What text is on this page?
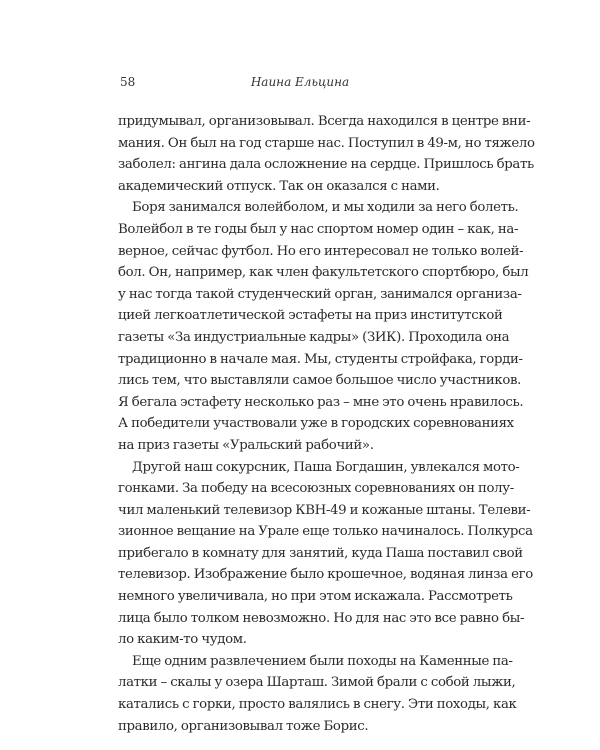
58	Наина Ельцина
придумывал, организовывал. Всегда находился в центре вни-
мания. Он был на год старше нас. Поступил в 49-м, но тяжело
заболел: ангина дала осложнение на сердце. Пришлось брать
академический отпуск. Так он оказался с нами.
Боря занимался волейболом, и мы ходили за него болеть.
Волейбол в те годы был у нас спортом номер один – как, на-
верное, сейчас футбол. Но его интересовал не только волей-
бол. Он, например, как член факультетского спортбюро, был
у нас тогда такой студенческий орган, занимался организа-
цией легкоатлетической эстафеты на приз институтской
газеты «За индустриальные кадры» (ЗИК). Проходила она
традиционно в начале мая. Мы, студенты стройфака, горди-
лись тем, что выставляли самое большое число участников.
Я бегала эстафету несколько раз – мне это очень нравилось.
А победители участвовали уже в городских соревнованиях
на приз газеты «Уральский рабочий».
Другой наш сокурсник, Паша Богдашин, увлекался мото-
гонками. За победу на всесоюзных соревнованиях он полу-
чил маленький телевизор КВН-49 и кожаные штаны. Телеви-
зионное вещание на Урале еще только начиналось. Полкурса
прибегало в комнату для занятий, куда Паша поставил свой
телевизор. Изображение было крошечное, водяная линза его
немного увеличивала, но при этом искажала. Рассмотреть
лица было толком невозможно. Но для нас это все равно бы-
ло каким-то чудом.
Еще одним развлечением были походы на Каменные па-
латки – скалы у озера Шарташ. Зимой брали с собой лыжи,
катались с горки, просто валялись в снегу. Эти походы, как
правило, организовывал тоже Борис.
